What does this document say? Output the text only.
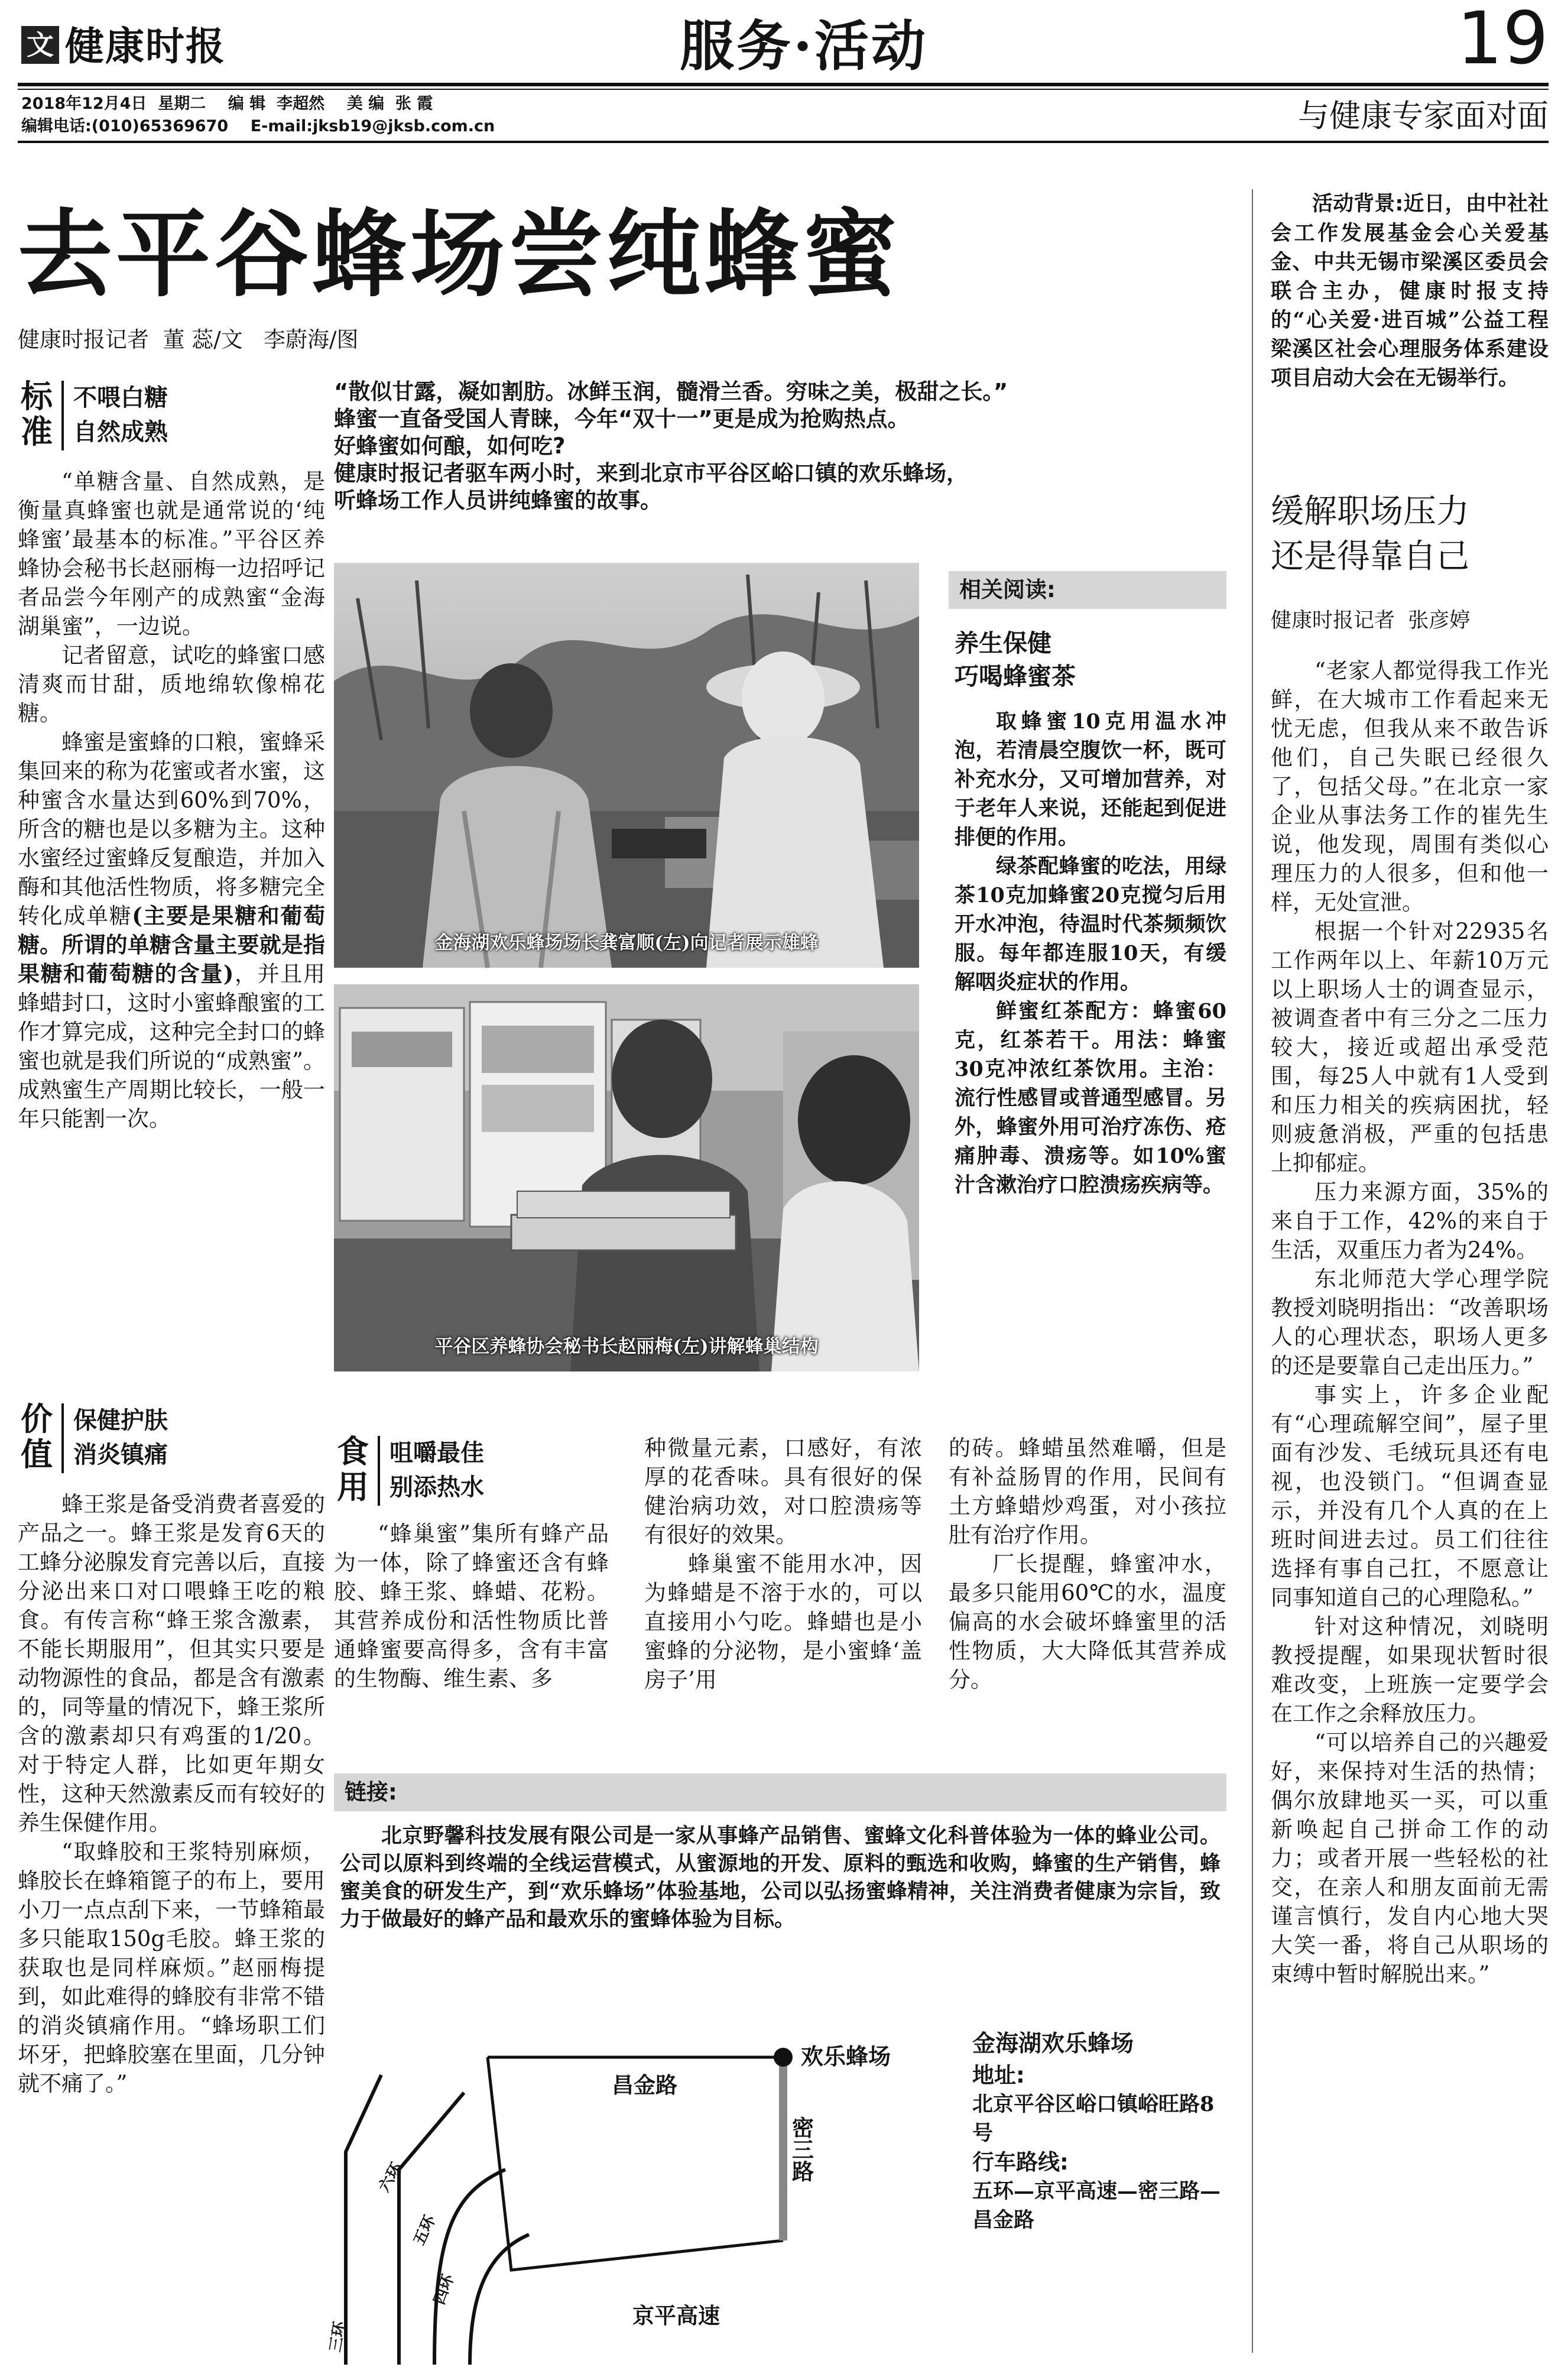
文 健康时报	服务·活动	19
2018年12月4日  星期二    编 辑  李超然    美 编  张 霞
编辑电话:(010)65369670    E-mail:jksb19@jksb.com.cn	与健康专家面对面
去平谷蜂场尝纯蜂蜜
健康时报记者  董 蕊/文   李蔚海/图

“散似甘露，凝如割肪。冰鲜玉润，髓滑兰香。穷味之美，极甜之长。”

蜂蜜一直备受国人青睐，今年“双十一”更是成为抢购热点。

好蜂蜜如何酿，如何吃?

健康时报记者驱车两小时，来到北京市平谷区峪口镇的欢乐蜂场，

听蜂场工作人员讲纯蜂蜜的故事。

标准
不喂白糖
自然成熟

“单糖含量、自然成熟，是衡量真蜂蜜也就是通常说的‘纯蜂蜜’最基本的标准。”平谷区养蜂协会秘书长赵丽梅一边招呼记者品尝今年刚产的成熟蜜“金海湖巢蜜”，一边说。

记者留意，试吃的蜂蜜口感清爽而甘甜，质地绵软像棉花糖。

蜂蜜是蜜蜂的口粮，蜜蜂采集回来的称为花蜜或者水蜜，这种蜜含水量达到60%到70%，所含的糖也是以多糖为主。这种水蜜经过蜜蜂反复酿造，并加入酶和其他活性物质，将多糖完全转化成单糖(主要是果糖和葡萄糖。所谓的单糖含量主要就是指果糖和葡萄糖的含量)，并且用蜂蜡封口，这时小蜜蜂酿蜜的工作才算完成，这种完全封口的蜂蜜也就是我们所说的“成熟蜜”。成熟蜜生产周期比较长，一般一年只能割一次。

价值
保健护肤
消炎镇痛

蜂王浆是备受消费者喜爱的产品之一。蜂王浆是发育6天的工蜂分泌腺发育完善以后，直接分泌出来口对口喂蜂王吃的粮食。有传言称“蜂王浆含激素，不能长期服用”，但其实只要是动物源性的食品，都是含有激素的，同等量的情况下，蜂王浆所含的激素却只有鸡蛋的1/20。对于特定人群，比如更年期女性，这种天然激素反而有较好的养生保健作用。

“取蜂胶和王浆特别麻烦，蜂胶长在蜂箱篦子的布上，要用小刀一点点刮下来，一节蜂箱最多只能取150g毛胶。蜂王浆的获取也是同样麻烦。”赵丽梅提到，如此难得的蜂胶有非常不错的消炎镇痛作用。“蜂场职工们坏牙，把蜂胶塞在里面，几分钟就不痛了。”

金海湖欢乐蜂场场长龚富顺(左)向记者展示雄蜂
平谷区养蜂协会秘书长赵丽梅(左)讲解蜂巢结构
相关阅读:
养生保健
巧喝蜂蜜茶

取蜂蜜10克用温水冲泡，若清晨空腹饮一杯，既可补充水分，又可增加营养，对于老年人来说，还能起到促进排便的作用。

绿茶配蜂蜜的吃法，用绿茶10克加蜂蜜20克搅匀后用开水冲泡，待温时代茶频频饮服。每年都连服10天，有缓解咽炎症状的作用。

鲜蜜红茶配方：蜂蜜60克，红茶若干。用法：蜂蜜30克冲浓红茶饮用。主治：流行性感冒或普通型感冒。另外，蜂蜜外用可治疗冻伤、疮痛肿毒、溃疡等。如10%蜜汁含漱治疗口腔溃疡疾病等。

食用
咀嚼最佳
别添热水

“蜂巢蜜”集所有蜂产品为一体，除了蜂蜜还含有蜂胶、蜂王浆、蜂蜡、花粉。其营养成份和活性物质比普通蜂蜜要高得多，含有丰富的生物酶、维生素、多

种微量元素，口感好，有浓厚的花香味。具有很好的保健治病功效，对口腔溃疡等有很好的效果。

蜂巢蜜不能用水冲，因为蜂蜡是不溶于水的，可以直接用小勺吃。蜂蜡也是小蜜蜂的分泌物，是小蜜蜂‘盖房子’用

的砖。蜂蜡虽然难嚼，但是有补益肠胃的作用，民间有土方蜂蜡炒鸡蛋，对小孩拉肚有治疗作用。

厂长提醒，蜂蜜冲水，最多只能用60℃的水，温度偏高的水会破坏蜂蜜里的活性物质，大大降低其营养成分。

链接:

北京野馨科技发展有限公司是一家从事蜂产品销售、蜜蜂文化科普体验为一体的蜂业公司。公司以原料到终端的全线运营模式，从蜜源地的开发、原料的甄选和收购，蜂蜜的生产销售，蜂蜜美食的研发生产，到“欢乐蜂场”体验基地，公司以弘扬蜜蜂精神，关注消费者健康为宗旨，致力于做最好的蜂产品和最欢乐的蜜蜂体验为目标。

欢乐蜂场
昌金路
京平高速
密三路
六环
五环
四环
三环
金海湖欢乐蜂场
地址:
北京平谷区峪口镇峪旺路8号
行车路线:
五环—京平高速—密三路—昌金路

活动背景:近日，由中社社会工作发展基金会心关爱基金、中共无锡市梁溪区委员会联合主办，健康时报支持的“心关爱·进百城”公益工程梁溪区社会心理服务体系建设项目启动大会在无锡举行。

缓解职场压力
还是得靠自己
健康时报记者  张彦婷

“老家人都觉得我工作光鲜，在大城市工作看起来无忧无虑，但我从来不敢告诉他们，自己失眠已经很久了，包括父母。”在北京一家企业从事法务工作的崔先生说，他发现，周围有类似心理压力的人很多，但和他一样，无处宣泄。

根据一个针对22935名工作两年以上、年薪10万元以上职场人士的调查显示，被调查者中有三分之二压力较大，接近或超出承受范围，每25人中就有1人受到和压力相关的疾病困扰，轻则疲惫消极，严重的包括患上抑郁症。

压力来源方面，35%的来自于工作，42%的来自于生活，双重压力者为24%。

东北师范大学心理学院教授刘晓明指出：“改善职场人的心理状态，职场人更多的还是要靠自己走出压力。”

事实上，许多企业配有“心理疏解空间”，屋子里面有沙发、毛绒玩具还有电视，也没锁门。“但调查显示，并没有几个人真的在上班时间进去过。员工们往往选择有事自己扛，不愿意让同事知道自己的心理隐私。”

针对这种情况，刘晓明教授提醒，如果现状暂时很难改变，上班族一定要学会在工作之余释放压力。

“可以培养自己的兴趣爱好，来保持对生活的热情；偶尔放肆地买一买，可以重新唤起自己拼命工作的动力；或者开展一些轻松的社交，在亲人和朋友面前无需谨言慎行，发自内心地大哭大笑一番，将自己从职场的束缚中暂时解脱出来。”
